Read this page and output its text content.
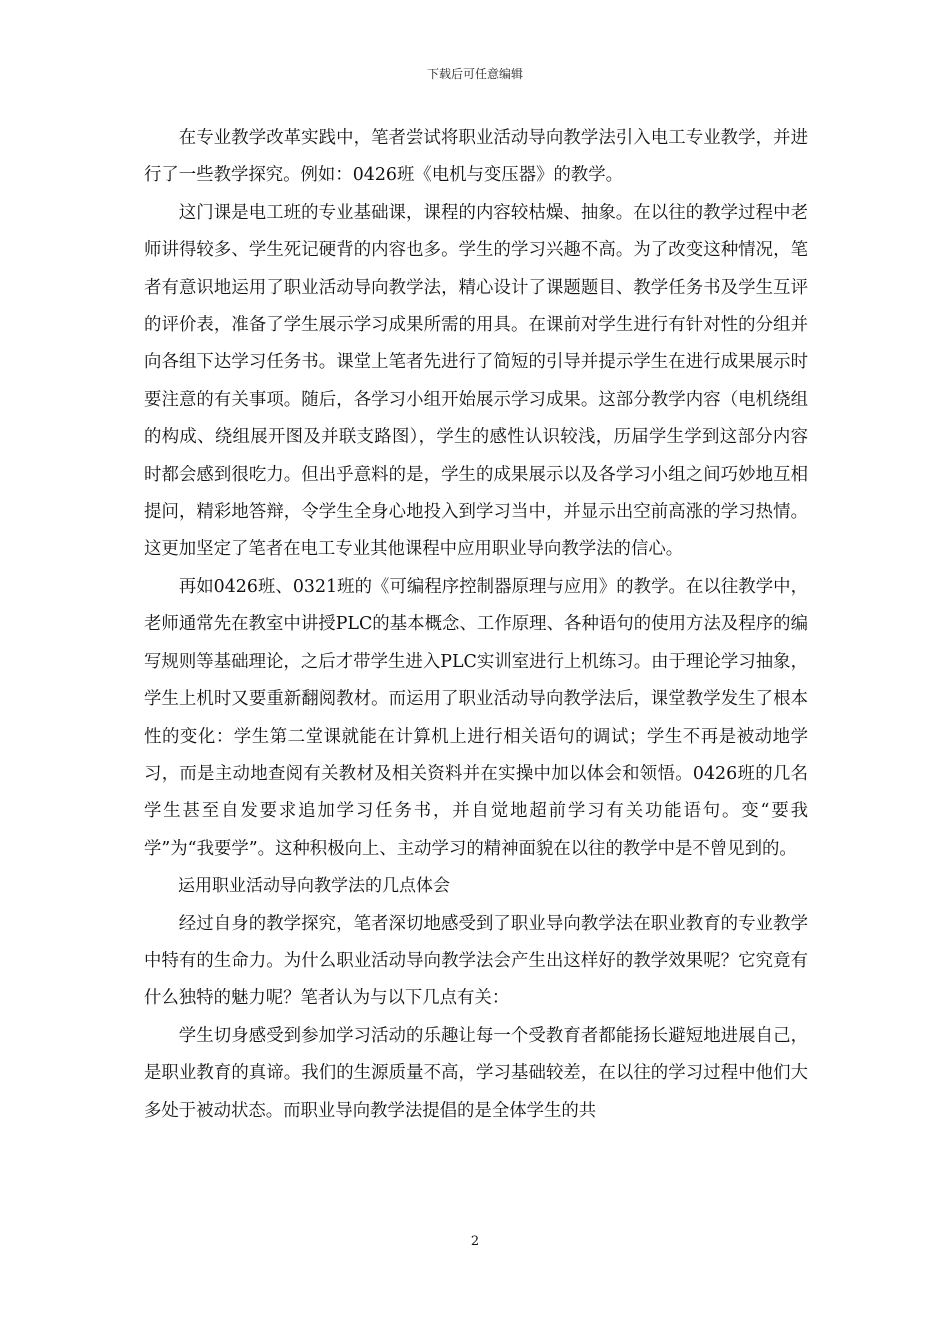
下载后可任意编辑

在专业教学改革实践中，笔者尝试将职业活动导向教学法引入电工专业教学，并进行了一些教学探究。例如：0426班《电机与变压器》的教学。

这门课是电工班的专业基础课，课程的内容较枯燥、抽象。在以往的教学过程中老师讲得较多、学生死记硬背的内容也多。学生的学习兴趣不高。为了改变这种情况，笔者有意识地运用了职业活动导向教学法，精心设计了课题题目、教学任务书及学生互评的评价表，准备了学生展示学习成果所需的用具。在课前对学生进行有针对性的分组并向各组下达学习任务书。课堂上笔者先进行了简短的引导并提示学生在进行成果展示时要注意的有关事项。随后，各学习小组开始展示学习成果。这部分教学内容（电机绕组的构成、绕组展开图及并联支路图），学生的感性认识较浅，历届学生学到这部分内容时都会感到很吃力。但出乎意料的是，学生的成果展示以及各学习小组之间巧妙地互相提问，精彩地答辩，令学生全身心地投入到学习当中，并显示出空前高涨的学习热情。这更加坚定了笔者在电工专业其他课程中应用职业导向教学法的信心。

再如0426班、0321班的《可编程序控制器原理与应用》的教学。在以往教学中，老师通常先在教室中讲授PLC的基本概念、工作原理、各种语句的使用方法及程序的编写规则等基础理论，之后才带学生进入PLC实训室进行上机练习。由于理论学习抽象，学生上机时又要重新翻阅教材。而运用了职业活动导向教学法后，课堂教学发生了根本性的变化：学生第二堂课就能在计算机上进行相关语句的调试；学生不再是被动地学习，而是主动地查阅有关教材及相关资料并在实操中加以体会和领悟。0426班的几名学生甚至自发要求追加学习任务书，并自觉地超前学习有关功能语句。变“要我学”为“我要学”。这种积极向上、主动学习的精神面貌在以往的教学中是不曾见到的。

运用职业活动导向教学法的几点体会

经过自身的教学探究，笔者深切地感受到了职业导向教学法在职业教育的专业教学中特有的生命力。为什么职业活动导向教学法会产生出这样好的教学效果呢？它究竟有什么独特的魅力呢？笔者认为与以下几点有关：

学生切身感受到参加学习活动的乐趣让每一个受教育者都能扬长避短地进展自己，是职业教育的真谛。我们的生源质量不高，学习基础较差，在以往的学习过程中他们大多处于被动状态。而职业导向教学法提倡的是全体学生的共

2
